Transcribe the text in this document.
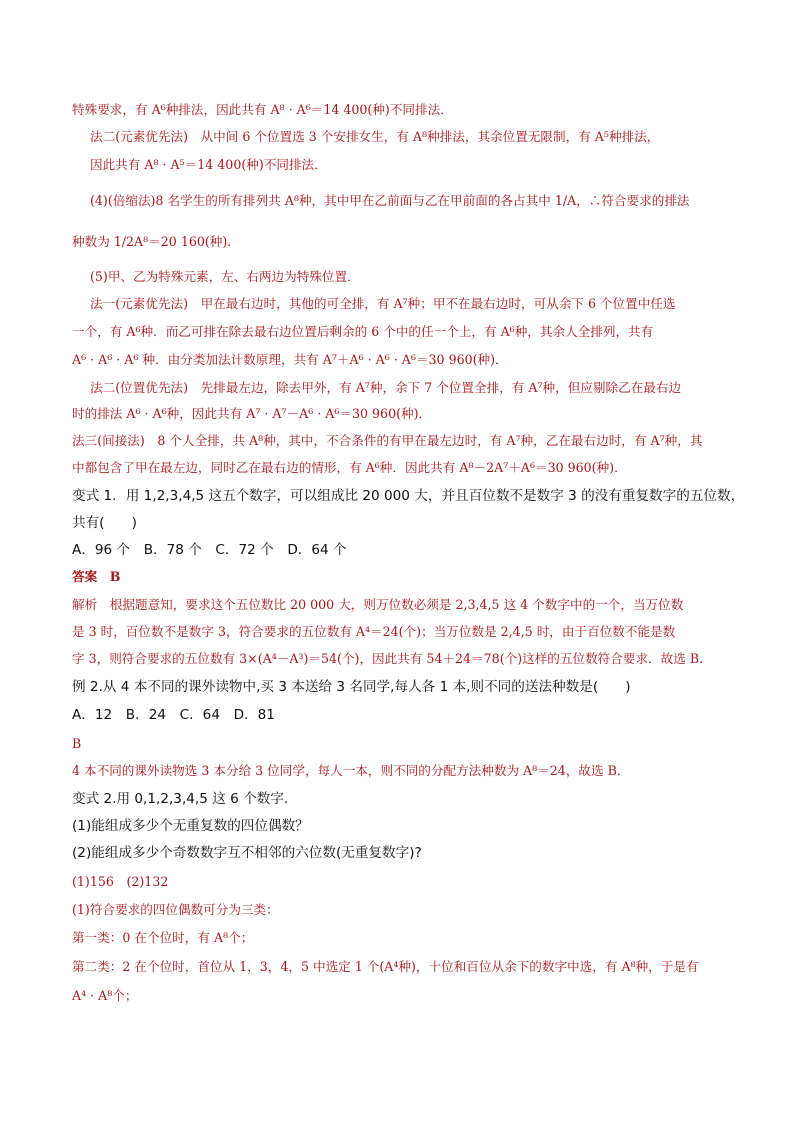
特殊要求，有 A⁶种排法，因此共有 A⁸ · A⁶＝14 400(种)不同排法．
法二(元素优先法)　从中间 6 个位置选 3 个安排女生，有 A⁸种排法，其余位置无限制，有 A⁵种排法，
因此共有 A⁸ · A⁵＝14 400(种)不同排法．
(4)(倍缩法)8 名学生的所有排列共 A⁸种，其中甲在乙前面与乙在甲前面的各占其中 1/A，∴符合要求的排法
种数为 1/2A⁸＝20 160(种)．
(5)甲、乙为特殊元素，左、右两边为特殊位置．
法一(元素优先法)　甲在最右边时，其他的可全排，有 A⁷种；甲不在最右边时，可从余下 6 个位置中任选
一个，有 A⁶种．而乙可排在除去最右边位置后剩余的 6 个中的任一个上，有 A⁶种，其余人全排列，共有
A⁶ · A⁶ · A⁶ 种．由分类加法计数原理，共有 A⁷＋A⁶ · A⁶ · A⁶＝30 960(种)．
法二(位置优先法)　先排最左边，除去甲外，有 A⁷种，余下 7 个位置全排，有 A⁷种，但应剔除乙在最右边
时的排法 A⁶ · A⁶种，因此共有 A⁷ · A⁷－A⁶ · A⁶＝30 960(种)．
法三(间接法)　8 个人全排，共 A⁸种，其中，不合条件的有甲在最左边时，有 A⁷种，乙在最右边时，有 A⁷种，其
中都包含了甲在最左边，同时乙在最右边的情形，有 A⁶种．因此共有 A⁸－2A⁷＋A⁶＝30 960(种)．
变式 1．用 1,2,3,4,5 这五个数字，可以组成比 20 000 大，并且百位数不是数字 3 的没有重复数字的五位数，
共有(　　)
A．96 个　B．78 个　C．72 个　D．64 个
答案　B
解析　根据题意知，要求这个五位数比 20 000 大，则万位数必须是 2,3,4,5 这 4 个数字中的一个，当万位数
是 3 时，百位数不是数字 3，符合要求的五位数有 A⁴＝24(个)；当万位数是 2,4,5 时，由于百位数不能是数
字 3，则符合要求的五位数有 3×(A⁴－A³)＝54(个)，因此共有 54＋24＝78(个)这样的五位数符合要求．故选 B．
例 2.从 4 本不同的课外读物中,买 3 本送给 3 名同学,每人各 1 本,则不同的送法种数是(　　)
A．12　B．24　C．64　D．81
B
4 本不同的课外读物选 3 本分给 3 位同学，每人一本，则不同的分配方法种数为 A⁸＝24，故选 B．
变式 2.用 0,1,2,3,4,5 这 6 个数字．
(1)能组成多少个无重复数的四位偶数？
(2)能组成多少个奇数数字互不相邻的六位数(无重复数字)?
(1)156　(2)132
(1)符合要求的四位偶数可分为三类：
第一类：0 在个位时，有 A⁸个；
第二类：2 在个位时，首位从 1，3，4，5 中选定 1 个(A⁴种)，十位和百位从余下的数字中选，有 A⁸种，于是有
A⁴ · A⁸个；
